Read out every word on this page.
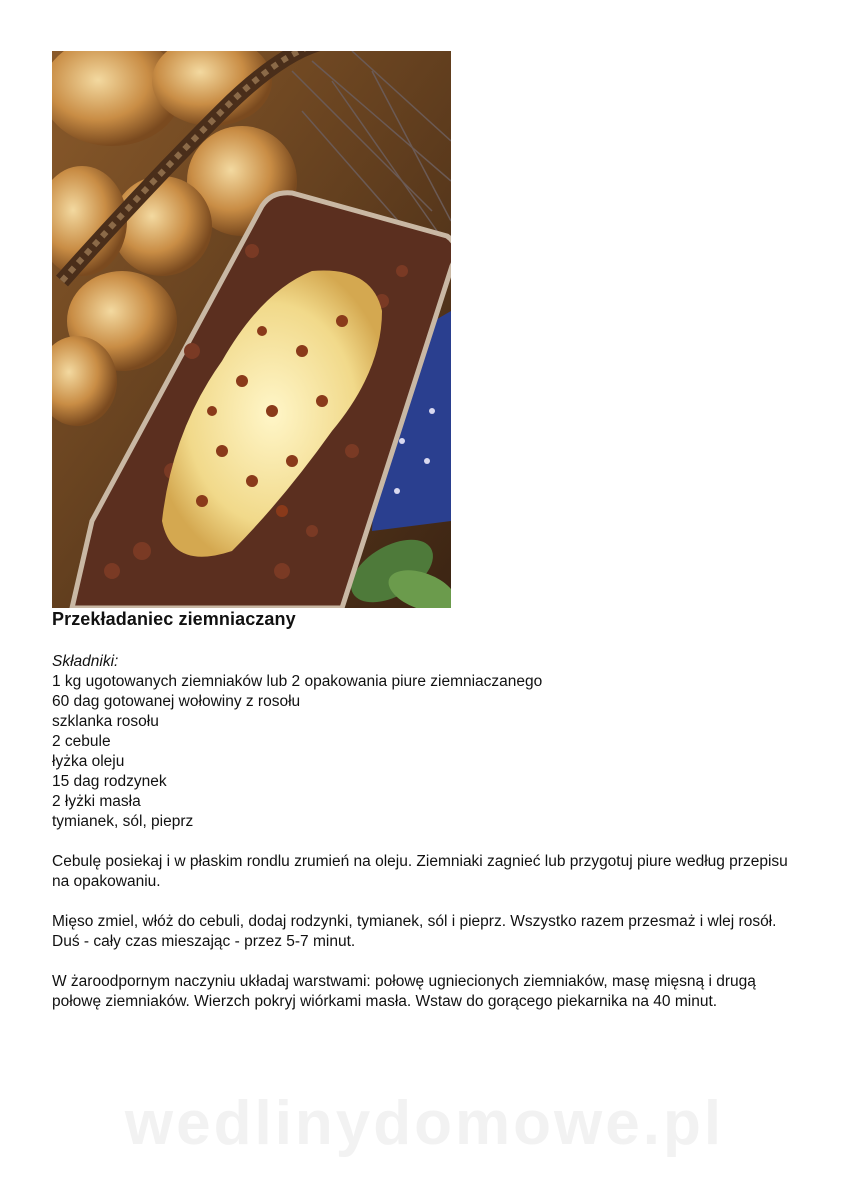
Przekładaniec ziemniaczany

Składniki:

1 kg ugotowanych ziemniaków lub 2 opakowania piure ziemniaczanego
60 dag gotowanej wołowiny z rosołu
szklanka rosołu
2 cebule
łyżka oleju
15 dag rodzynek
2 łyżki masła
tymianek, sól, pieprz

Cebulę posiekaj i w płaskim rondlu zrumień na oleju. Ziemniaki zagnieć lub przygotuj piure według przepisu na opakowaniu.

Mięso zmiel, włóż do cebuli, dodaj rodzynki, tymianek, sól i pieprz. Wszystko razem przesmaż i wlej rosół. Duś - cały czas mieszając - przez 5-7 minut.

W żaroodpornym naczyniu układaj warstwami: połowę ugniecionych ziemniaków, masę mięsną i drugą połowę ziemniaków. Wierzch pokryj wiórkami masła. Wstaw do gorącego piekarnika na 40 minut.

wedlinydomowe.pl
